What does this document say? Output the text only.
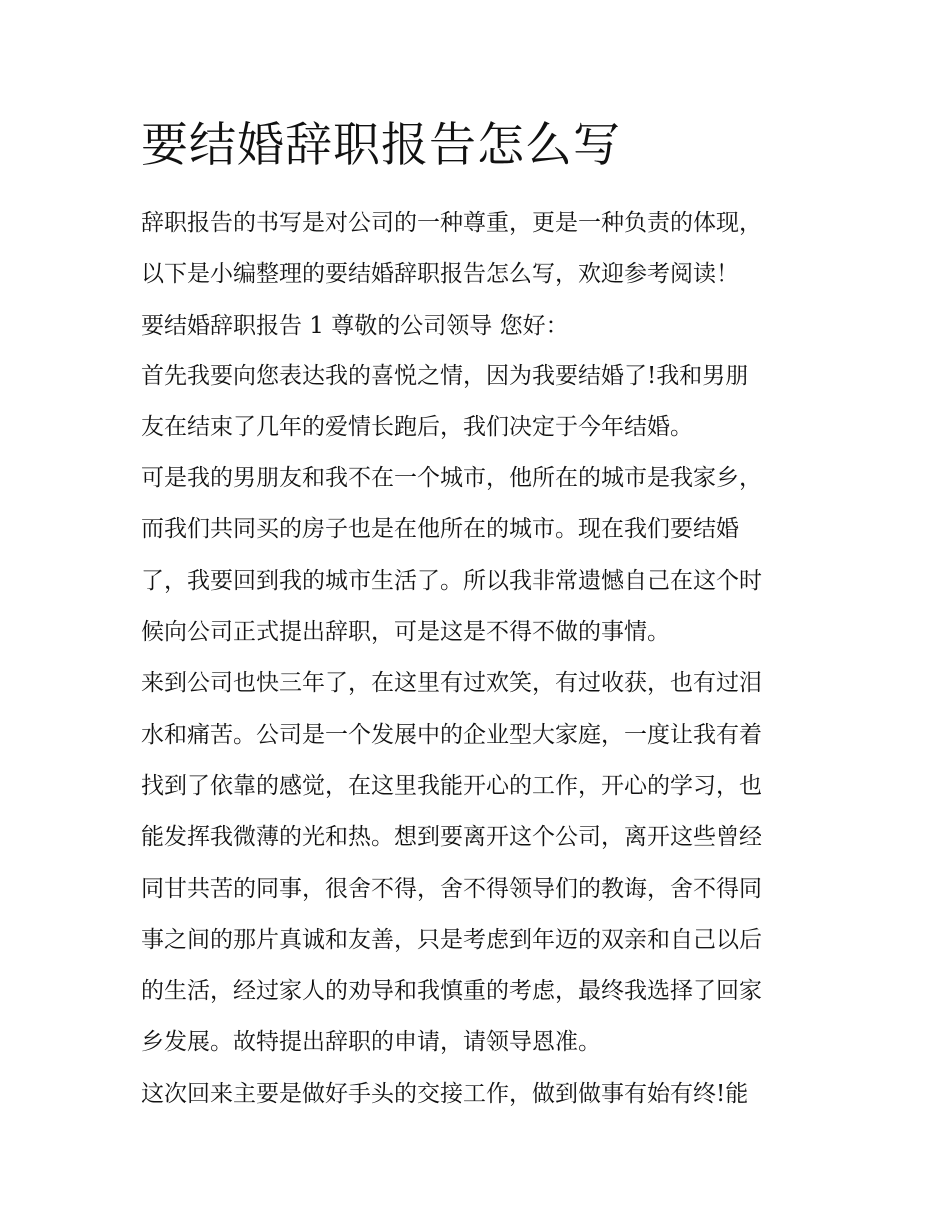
要结婚辞职报告怎么写
辞职报告的书写是对公司的一种尊重，更是一种负责的体现，
以下是小编整理的要结婚辞职报告怎么写，欢迎参考阅读！
要结婚辞职报告 1 尊敬的公司领导 您好：
首先我要向您表达我的喜悦之情，因为我要结婚了!我和男朋
友在结束了几年的爱情长跑后，我们决定于今年结婚。
可是我的男朋友和我不在一个城市，他所在的城市是我家乡，
而我们共同买的房子也是在他所在的城市。现在我们要结婚
了，我要回到我的城市生活了。所以我非常遗憾自己在这个时
候向公司正式提出辞职，可是这是不得不做的事情。
来到公司也快三年了，在这里有过欢笑，有过收获，也有过泪
水和痛苦。公司是一个发展中的企业型大家庭，一度让我有着
找到了依靠的感觉，在这里我能开心的工作，开心的学习，也
能发挥我微薄的光和热。想到要离开这个公司，离开这些曾经
同甘共苦的同事，很舍不得，舍不得领导们的教诲，舍不得同
事之间的那片真诚和友善，只是考虑到年迈的双亲和自己以后
的生活，经过家人的劝导和我慎重的考虑，最终我选择了回家
乡发展。故特提出辞职的申请，请领导恩准。
这次回来主要是做好手头的交接工作，做到做事有始有终!能
